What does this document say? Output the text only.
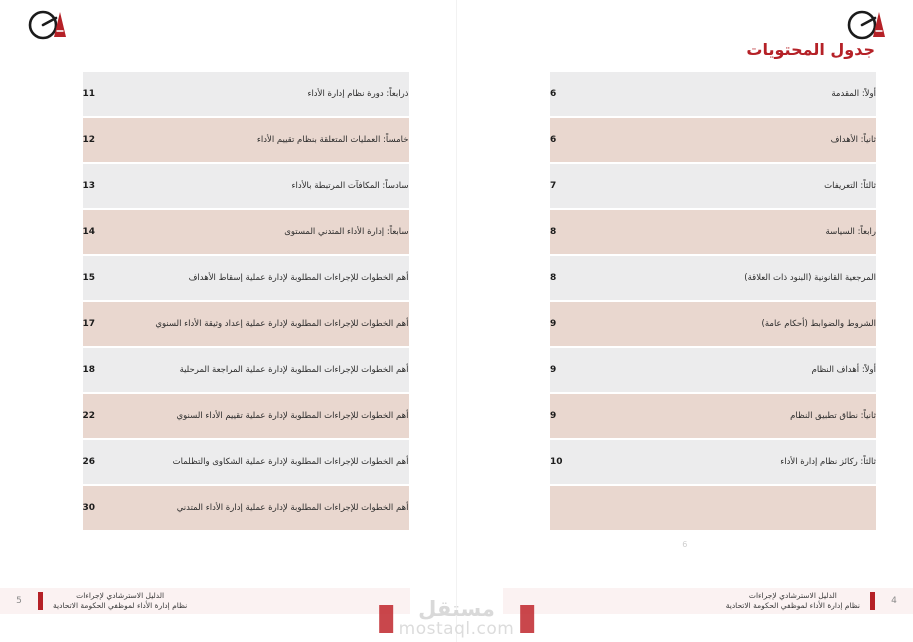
ذرابعاً: دورة نظام إدارة الأداء	11
خامساً: العمليات المتعلقة بنظام تقييم الأداء	12
سادساً: المكافآت المرتبطة بالأداء	13
سابعاً: إدارة الأداء المتدني المستوى	14
أهم الخطوات للإجراءات المطلوبة لإدارة عملية إسقاط الأهداف	15
أهم الخطوات للإجراءات المطلوبة لإدارة عملية إعداد وثيقة الأداء السنوي	17
أهم الخطوات للإجراءات المطلوبة لإدارة عملية المراجعة المرحلية	18
أهم الخطوات للإجراءات المطلوبة لإدارة عملية تقييم الأداء السنوي	22
أهم الخطوات للإجراءات المطلوبة لإدارة عملية الشكاوى والتظلمات	26
أهم الخطوات للإجراءات المطلوبة لإدارة عملية إدارة الأداء المتدني	30
5
الدليل الاسترشادي لإجراءات
نظام إدارة الأداء لموظفي الحكومة الاتحادية
جدول المحتويات
أولاً: المقدمة	6
ثانياً: الأهداف	6
ثالثاً: التعريفات	7
رابعاً: السياسة	8
المرجعية القانونية (البنود ذات العلاقة)	8
الشروط والضوابط (أحكام عامة)	9
أولاً: أهداف النظام	9
ثانياً: نطاق تطبيق النظام	9
ثالثاً: ركائز نظام إدارة الأداء	10

6
الدليل الاسترشادي لإجراءات
نظام إدارة الأداء لموظفي الحكومة الاتحادية	4
مستقل
mostaql.com
